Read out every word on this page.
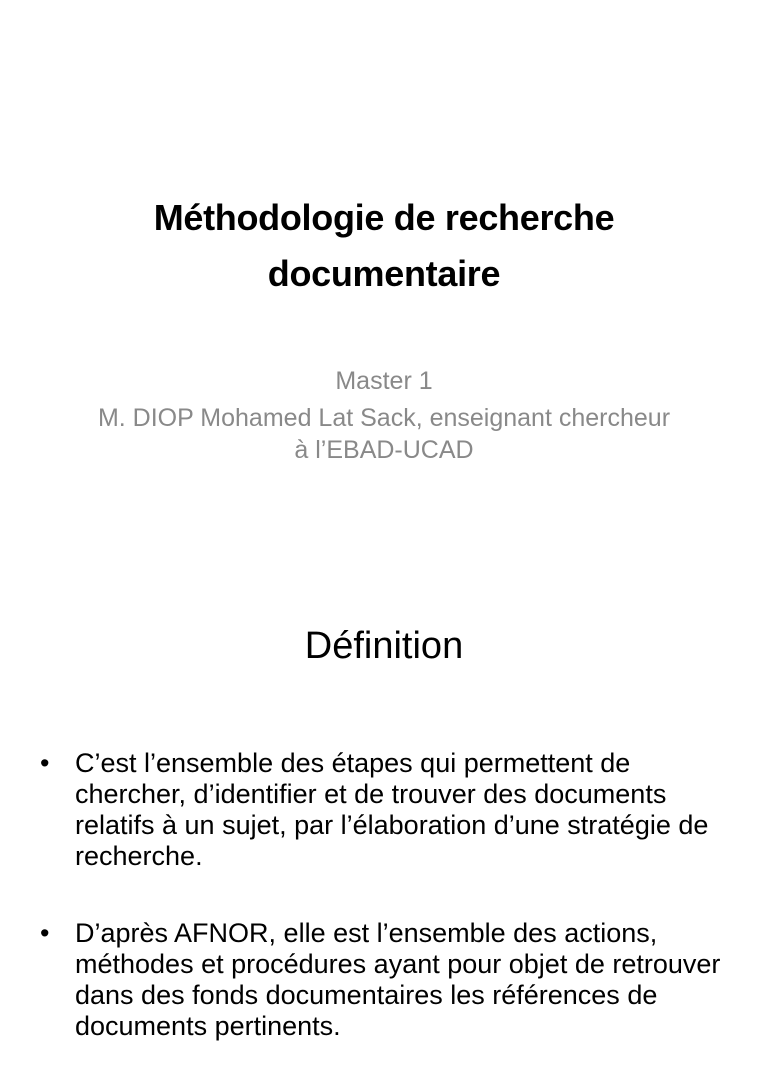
Méthodologie de recherche
documentaire
Master 1
M. DIOP Mohamed Lat Sack, enseignant chercheur à l’EBAD-UCAD
Définition
• C’est l’ensemble des étapes qui permettent de chercher, d’identifier et de trouver des documents relatifs à un sujet, par l’élaboration d’une stratégie de recherche.
• D’après AFNOR, elle est l’ensemble des actions, méthodes et procédures ayant pour objet de retrouver dans des fonds documentaires les références de documents pertinents.
